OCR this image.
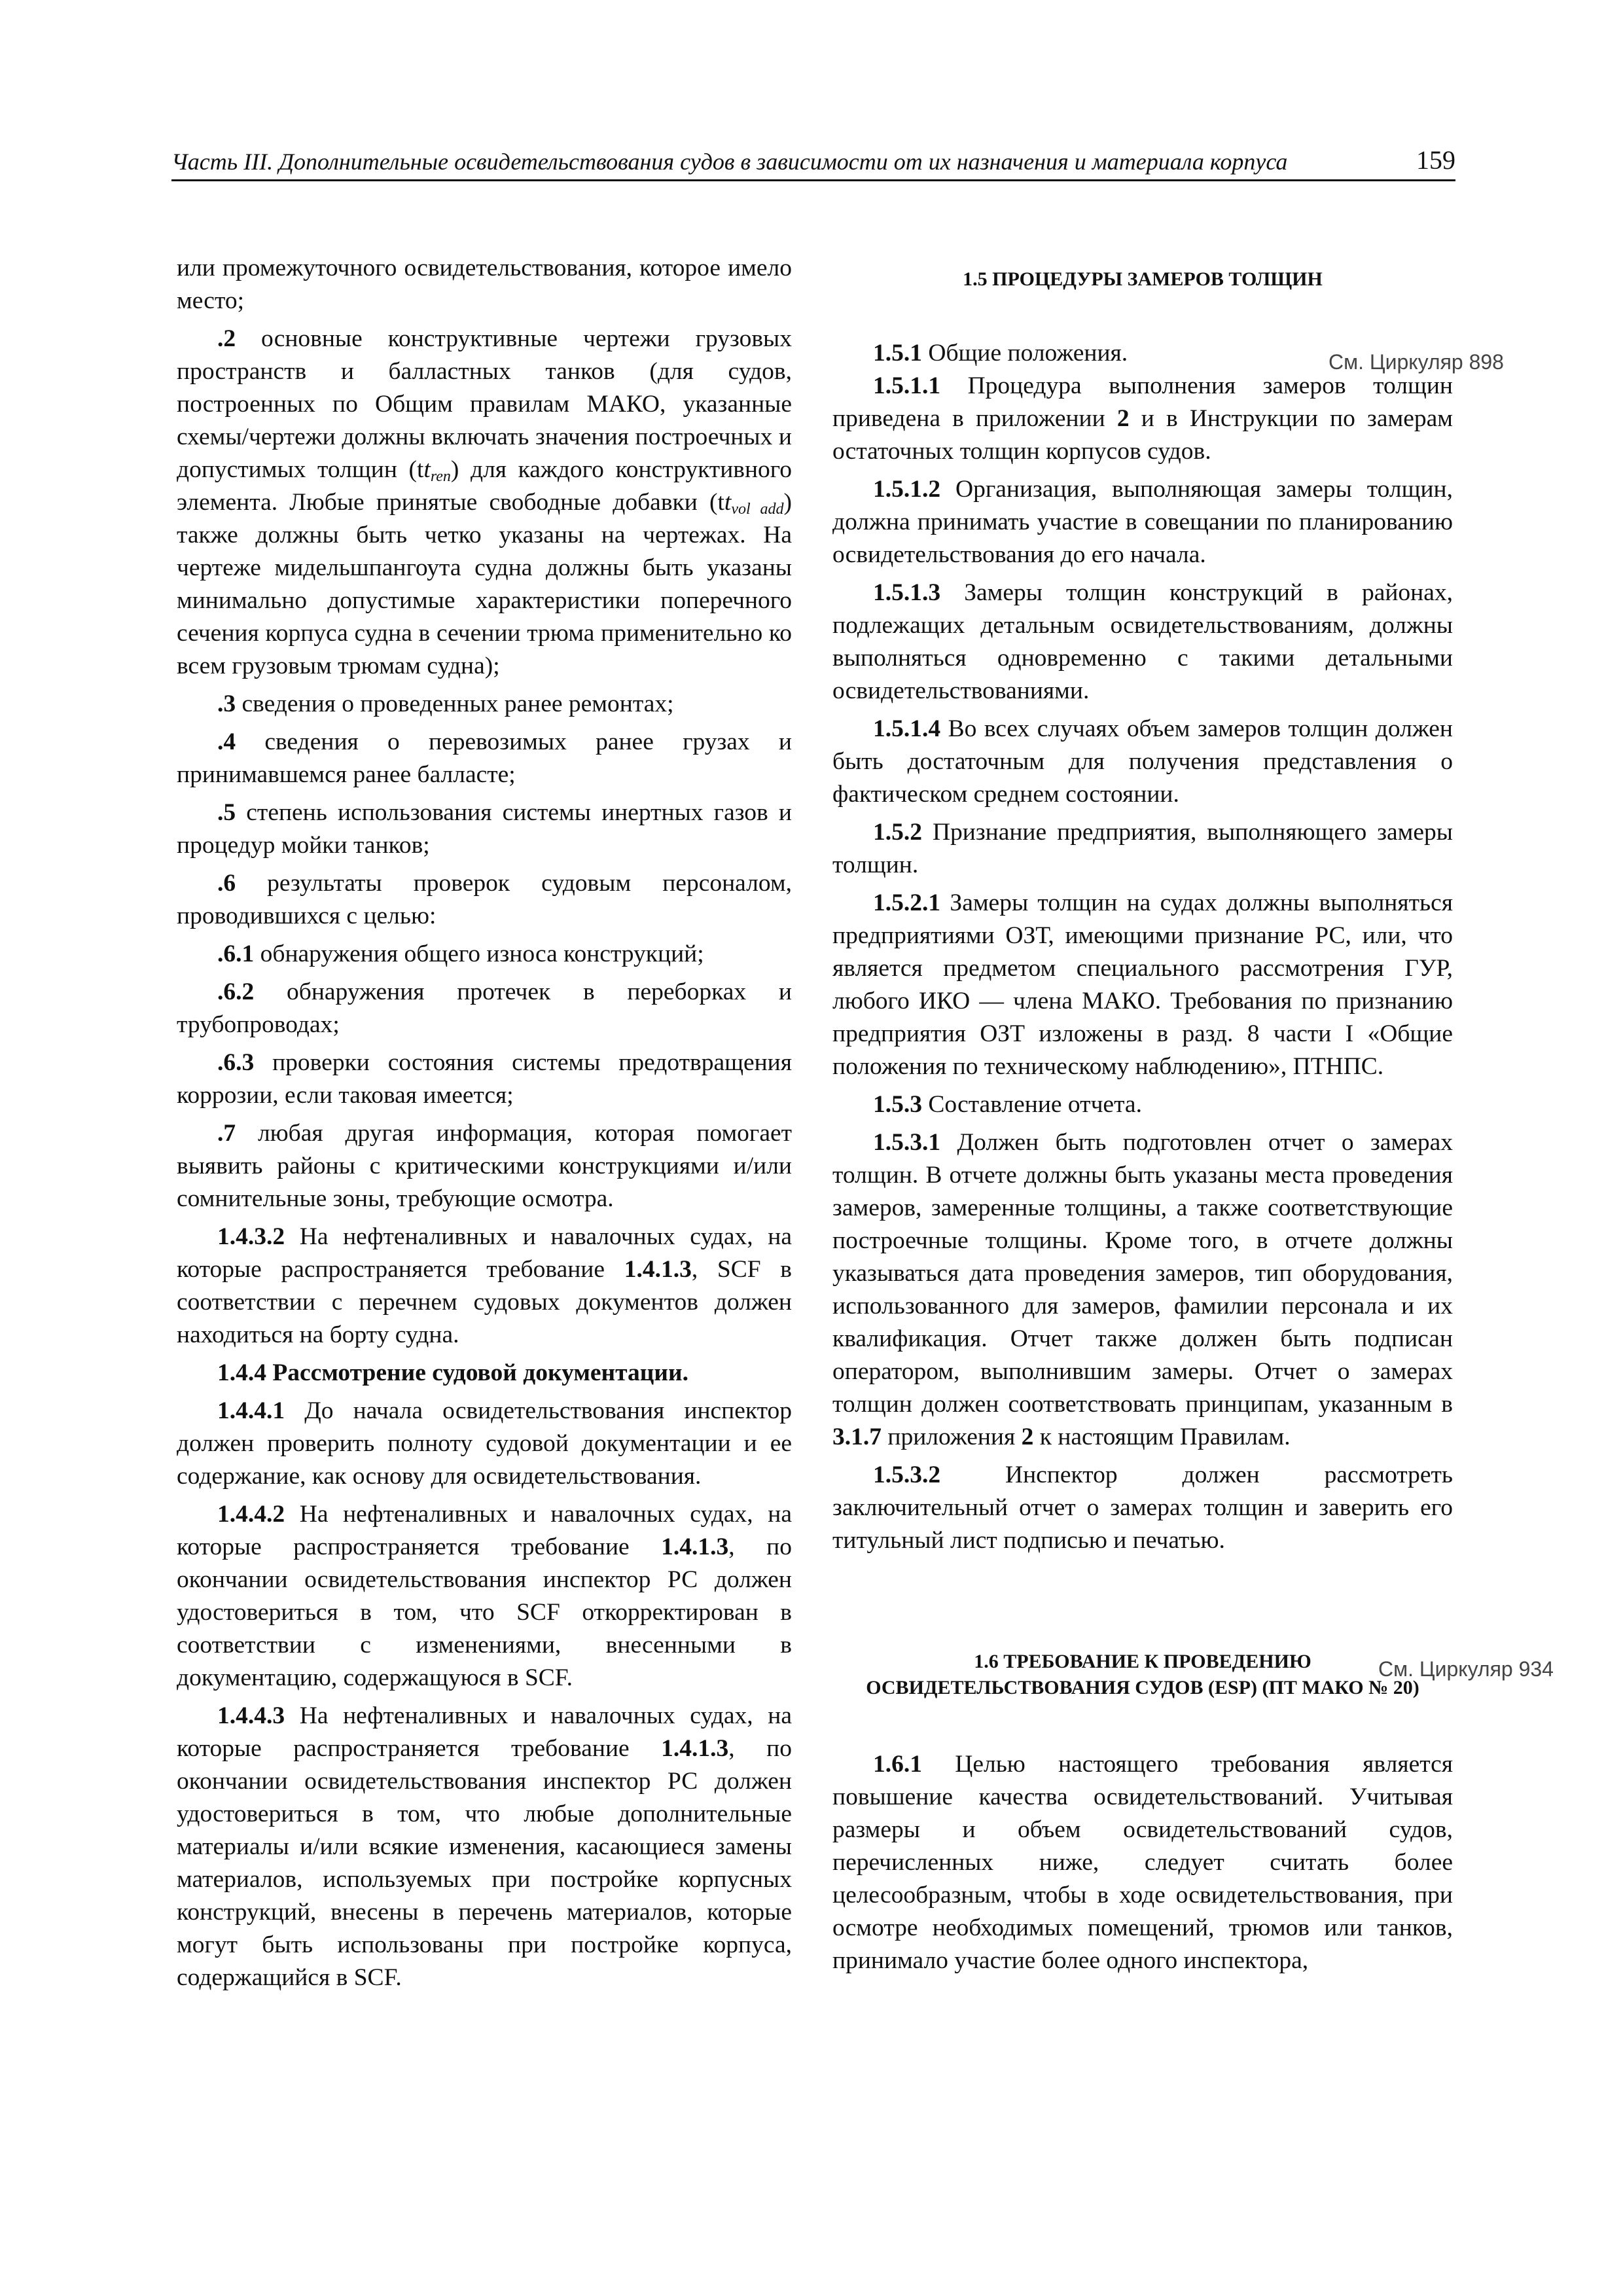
Часть III. Дополнительные освидетельствования судов в зависимости от их назначения и материала корпуса	159

или промежуточного освидетельствования, которое имело место;

.2 основные конструктивные чертежи грузовых пространств и балластных танков (для судов, построенных по Общим правилам МАКО, указанные схемы/чертежи должны включать значения построечных и допустимых толщин $(tt_{ren})$ для каждого конструктивного элемента. Любые принятые свободные добавки $(tt_{vol add})$ также должны быть четко указаны на чертежах. На чертеже мидельшпангоута судна должны быть указаны минимально допустимые характеристики поперечного сечения корпуса судна в сечении трюма применительно ко всем грузовым трюмам судна);

.3 сведения о проведенных ранее ремонтах;

.4 сведения о перевозимых ранее грузах и принимавшемся ранее балласте;

.5 степень использования системы инертных газов и процедур мойки танков;

.6 результаты проверок судовым персоналом, проводившихся с целью:

.6.1 обнаружения общего износа конструкций;

.6.2 обнаружения протечек в переборках и трубопроводах;

.6.3 проверки состояния системы предотвращения коррозии, если таковая имеется;

.7 любая другая информация, которая помогает выявить районы с критическими конструкциями и/или сомнительные зоны, требующие осмотра.

1.4.3.2 На нефтеналивных и навалочных судах, на которые распространяется требование 1.4.1.3, SCF в соответствии с перечнем судовых документов должен находиться на борту судна.

1.4.4 Рассмотрение судовой документации.

1.4.4.1 До начала освидетельствования инспектор должен проверить полноту судовой документации и ее содержание, как основу для освидетельствования.

1.4.4.2 На нефтеналивных и навалочных судах, на которые распространяется требование 1.4.1.3, по окончании освидетельствования инспектор РС должен удостовериться в том, что SCF откорректирован в соответствии с изменениями, внесенными в документацию, содержащуюся в SCF.

1.4.4.3 На нефтеналивных и навалочных судах, на которые распространяется требование 1.4.1.3, по окончании освидетельствования инспектор РС должен удостовериться в том, что любые дополнительные материалы и/или всякие изменения, касающиеся замены материалов, используемых при постройке корпусных конструкций, внесены в перечень материалов, которые могут быть использованы при постройке корпуса, содержащийся в SCF.

1.5 ПРОЦЕДУРЫ ЗАМЕРОВ ТОЛЩИН

1.5.1 Общие положения.

1.5.1.1 Процедура выполнения замеров толщин приведена в приложении 2 и в Инструкции по замерам остаточных толщин корпусов судов.

1.5.1.2 Организация, выполняющая замеры толщин, должна принимать участие в совещании по планированию освидетельствования до его начала.

1.5.1.3 Замеры толщин конструкций в районах, подлежащих детальным освидетельствованиям, должны выполняться одновременно с такими детальными освидетельствованиями.

1.5.1.4 Во всех случаях объем замеров толщин должен быть достаточным для получения представления о фактическом среднем состоянии.

1.5.2 Признание предприятия, выполняющего замеры толщин.

1.5.2.1 Замеры толщин на судах должны выполняться предприятиями ОЗТ, имеющими признание РС, или, что является предметом специального рассмотрения ГУР, любого ИКО — члена МАКО. Требования по признанию предприятия ОЗТ изложены в разд. 8 части I «Общие положения по техническому наблюдению», ПТНПС.

1.5.3 Составление отчета.

1.5.3.1 Должен быть подготовлен отчет о замерах толщин. В отчете должны быть указаны места проведения замеров, замеренные толщины, а также соответствующие построечные толщины. Кроме того, в отчете должны указываться дата проведения замеров, тип оборудования, использованного для замеров, фамилии персонала и их квалификация. Отчет также должен быть подписан оператором, выполнившим замеры. Отчет о замерах толщин должен соответствовать принципам, указанным в 3.1.7 приложения 2 к настоящим Правилам.

1.5.3.2 Инспектор должен рассмотреть заключительный отчет о замерах толщин и заверить его титульный лист подписью и печатью.

1.6 ТРЕБОВАНИЕ К ПРОВЕДЕНИЮ

ОСВИДЕТЕЛЬСТВОВАНИЯ СУДОВ (ESP) (ПТ МАКО № 20)

1.6.1 Целью настоящего требования является повышение качества освидетельствований. Учитывая размеры и объем освидетельствований судов, перечисленных ниже, следует считать более целесообразным, чтобы в ходе освидетельствования, при осмотре необходимых помещений, трюмов или танков, принимало участие более одного инспектора,

См. Циркуляр 898
См. Циркуляр 934
